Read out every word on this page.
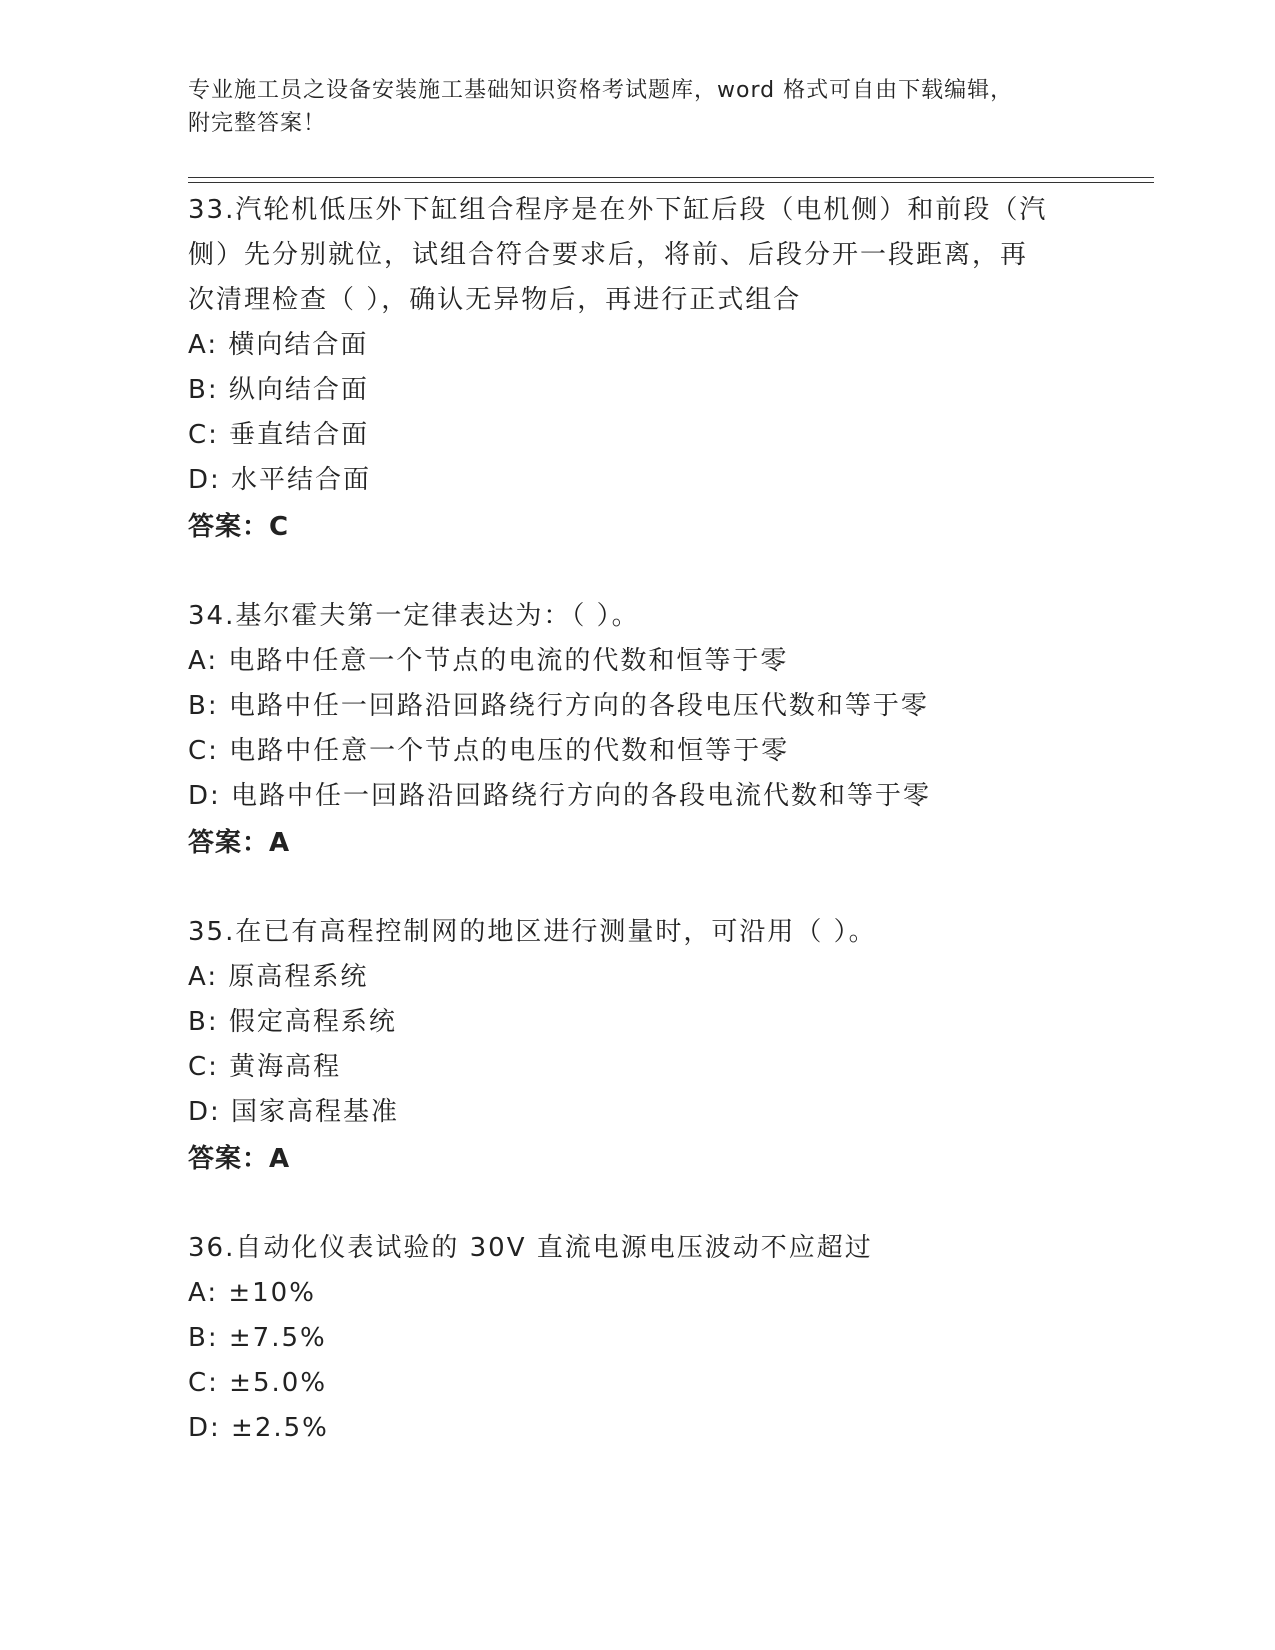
专业施工员之设备安装施工基础知识资格考试题库，word 格式可自由下载编辑，
附完整答案！
33.汽轮机低压外下缸组合程序是在外下缸后段（电机侧）和前段（汽
侧）先分别就位，试组合符合要求后，将前、后段分开一段距离，再
次清理检查（ ），确认无异物后，再进行正式组合
A: 横向结合面
B: 纵向结合面
C: 垂直结合面
D: 水平结合面
答案：C
34.基尔霍夫第一定律表达为：（ ）。
A: 电路中任意一个节点的电流的代数和恒等于零
B: 电路中任一回路沿回路绕行方向的各段电压代数和等于零
C: 电路中任意一个节点的电压的代数和恒等于零
D: 电路中任一回路沿回路绕行方向的各段电流代数和等于零
答案：A
35.在已有高程控制网的地区进行测量时，可沿用（ ）。
A: 原高程系统
B: 假定高程系统
C: 黄海高程
D: 国家高程基准
答案：A
36.自动化仪表试验的 30V 直流电源电压波动不应超过
A: ±10%
B: ±7.5%
C: ±5.0%
D: ±2.5%
